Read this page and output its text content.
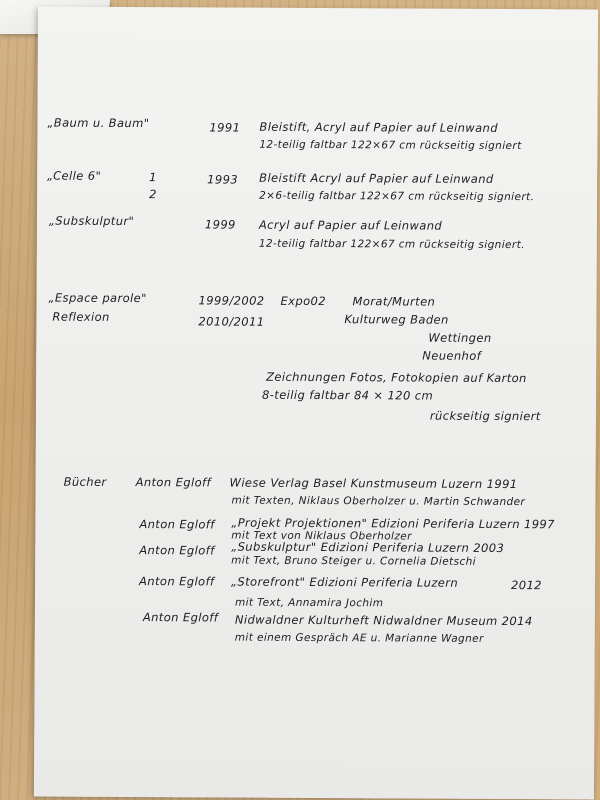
„Baum u. Baum"	1991 Bleistift, Acryl auf Papier auf Leinwand
12-teilig faltbar 122×67 cm rückseitig signiert
„Celle 6"	1
2
1993 Bleistift Acryl auf Papier auf Leinwand
2×6-teilig faltbar 122×67 cm rückseitig signiert.
„Subskulptur"	1999 Acryl auf Papier auf Leinwand
12-teilig faltbar 122×67 cm rückseitig signiert.
„Espace parole"	1999/2002 Expo02 Morat/Murten
Reflexion	2010/2011	Kulturweg Baden
Wettingen
Neuenhof
Zeichnungen Fotos, Fotokopien auf Karton
8-teilig faltbar 84 × 120 cm
rückseitig signiert
Bücher	Anton Egloff Wiese Verlag Basel Kunstmuseum Luzern 1991
mit Texten, Niklaus Oberholzer u. Martin Schwander
Anton Egloff „Projekt Projektionen" Edizioni Periferia Luzern 1997
mit Text von Niklaus Oberholzer
Anton Egloff „Subskulptur" Edizioni Periferia Luzern 2003
mit Text, Bruno Steiger u. Cornelia Dietschi
Anton Egloff „Storefront" Edizioni Periferia Luzern	2012
mit Text, Annamira Jochim
Anton Egloff Nidwaldner Kulturheft Nidwaldner Museum 2014
mit einem Gespräch AE u. Marianne Wagner
